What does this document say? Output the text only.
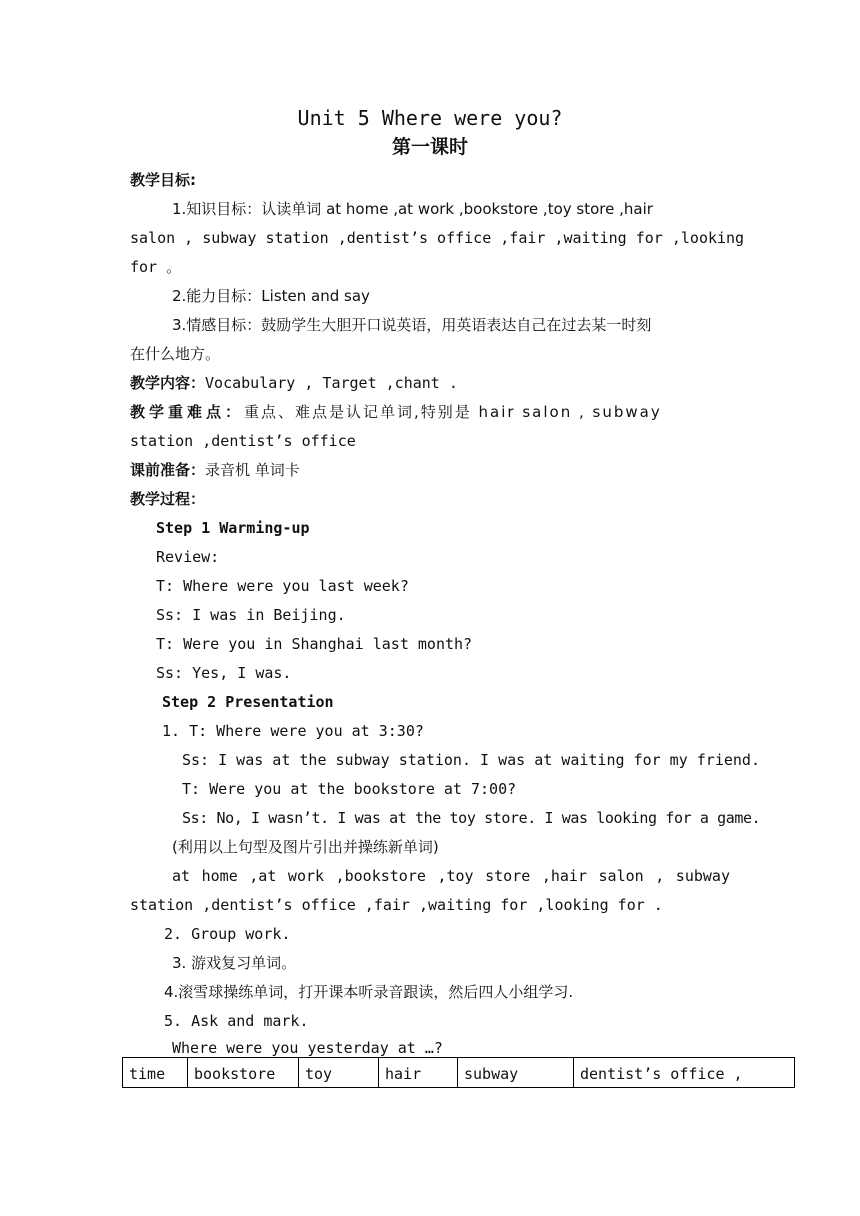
Unit 5 Where were you?
第一课时
教学目标:
1.知识目标：认读单词 at home ,at work ,bookstore ,toy store ,hair
salon , subway station ,dentist’s office ,fair ,waiting for ,looking
for 。
2.能力目标：Listen and say
3.情感目标：鼓励学生大胆开口说英语，用英语表达自己在过去某一时刻
在什么地方。
教学内容：Vocabulary , Target ,chant .
教学重难点：重点、难点是认记单词,特别是 hair salon , subway
station ,dentist’s office
课前准备：录音机 单词卡
教学过程：
Step 1 Warming-up
Review:
T: Where were you last week?
Ss: I was in Beijing.
T: Were you in Shanghai last month?
Ss: Yes, I was.
Step 2 Presentation
1. T: Where were you at 3:30?
Ss: I was at the subway station. I was at waiting for my friend.
T: Were you at the bookstore at 7:00?
Ss: No, I wasn’t. I was at the toy store. I was looking for a game.
(利用以上句型及图片引出并操练新单词)
at home ,at work ,bookstore ,toy store ,hair salon , subway
station ,dentist’s office ,fair ,waiting for ,looking for .
2. Group work.
3. 游戏复习单词。
4.滚雪球操练单词，打开课本听录音跟读，然后四人小组学习.
5. Ask and mark.
Where were you yesterday at …?
time	bookstore	toy	hair	subway	dentist’s office ,
